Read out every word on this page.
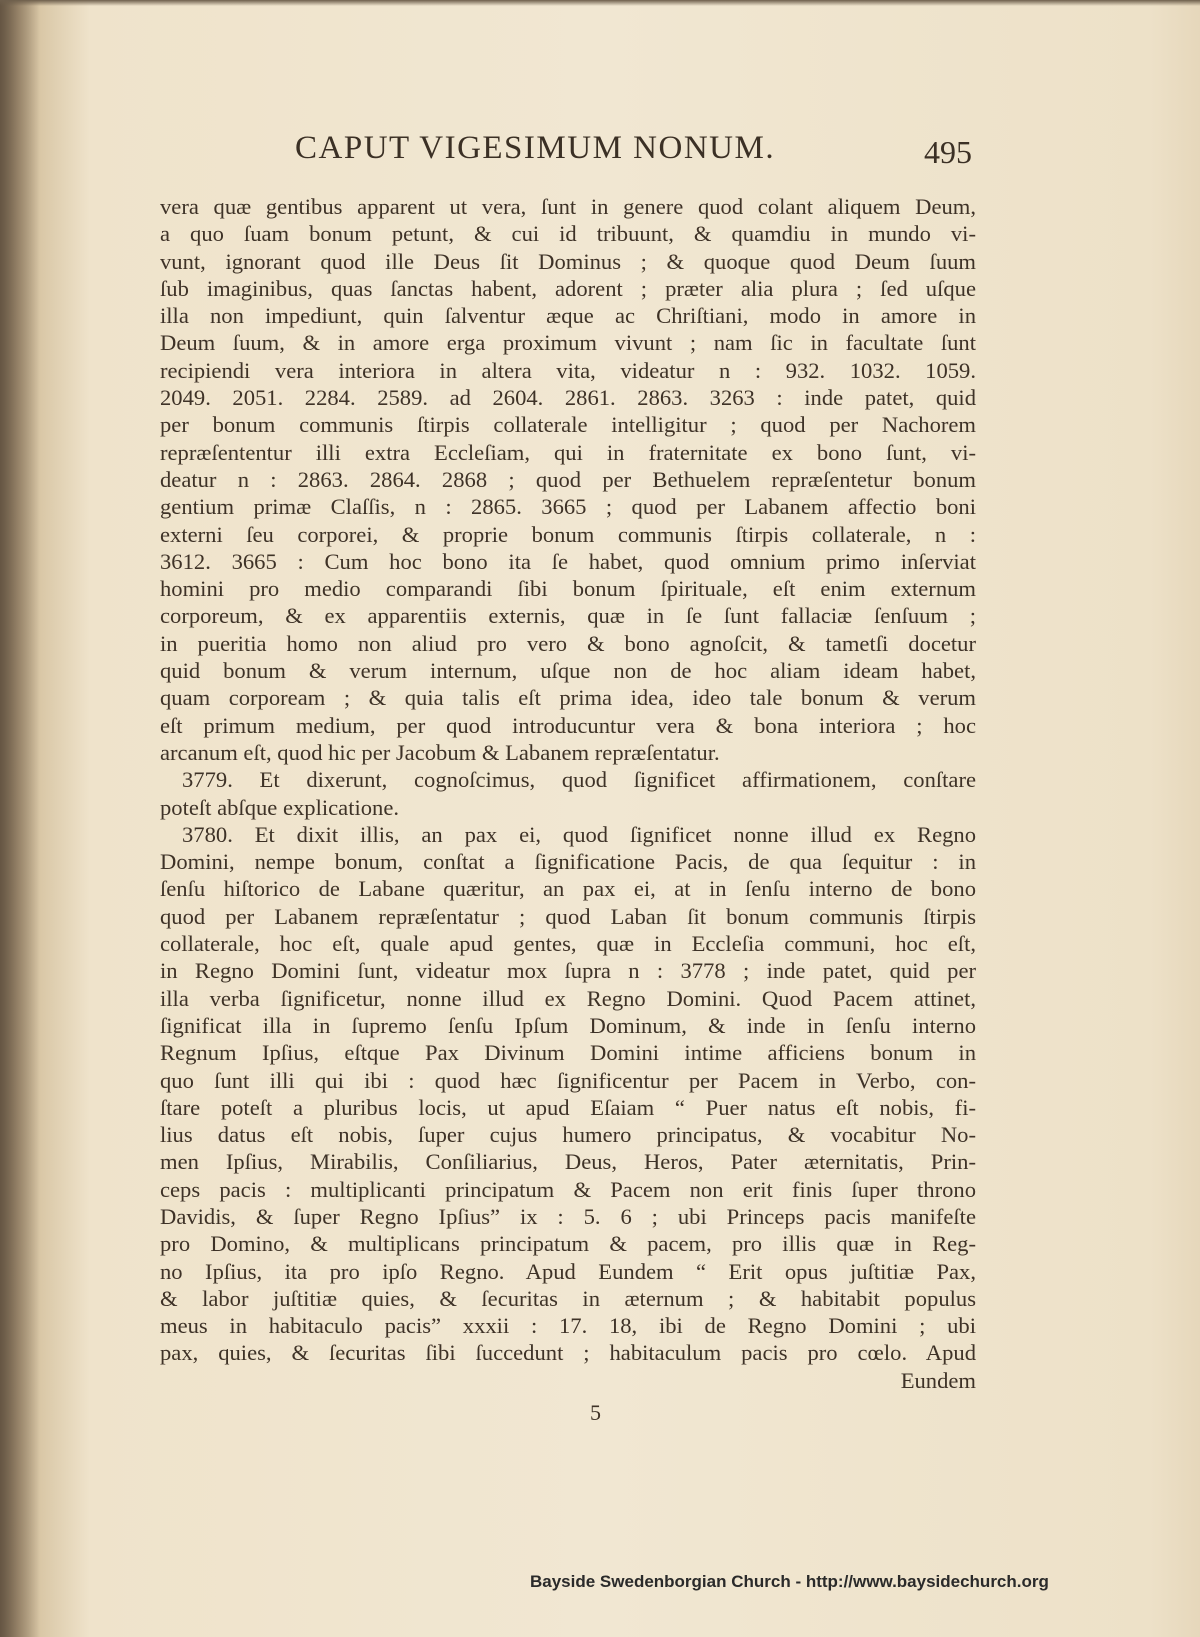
CAPUT VIGESIMUM NONUM.	495
vera quæ gentibus apparent ut vera, ſunt in genere quod colant aliquem Deum,
a quo ſuam bonum petunt, & cui id tribuunt, & quamdiu in mundo vi-
vunt, ignorant quod ille Deus ſit Dominus ; & quoque quod Deum ſuum
ſub imaginibus, quas ſanctas habent, adorent ; præter alia plura ; ſed uſque
illa non impediunt, quin ſalventur æque ac Chriſtiani, modo in amore in
Deum ſuum, & in amore erga proximum vivunt ; nam ſic in facultate ſunt
recipiendi vera interiora in altera vita, videatur n : 932. 1032. 1059.
2049. 2051. 2284. 2589. ad 2604. 2861. 2863. 3263 : inde patet, quid
per bonum communis ſtirpis collaterale intelligitur ; quod per Nachorem
repræſententur illi extra Eccleſiam, qui in fraternitate ex bono ſunt, vi-
deatur n : 2863. 2864. 2868 ; quod per Bethuelem repræſentetur bonum
gentium primæ Claſſis, n : 2865. 3665 ; quod per Labanem affectio boni
externi ſeu corporei, & proprie bonum communis ſtirpis collaterale, n :
3612. 3665 : Cum hoc bono ita ſe habet, quod omnium primo inſerviat
homini pro medio comparandi ſibi bonum ſpirituale, eſt enim externum
corporeum, & ex apparentiis externis, quæ in ſe ſunt fallaciæ ſenſuum ;
in pueritia homo non aliud pro vero & bono agnoſcit, & tametſi docetur
quid bonum & verum internum, uſque non de hoc aliam ideam habet,
quam corpoream ; & quia talis eſt prima idea, ideo tale bonum & verum
eſt primum medium, per quod introducuntur vera & bona interiora ; hoc
arcanum eſt, quod hic per Jacobum & Labanem repræſentatur.
3779. Et dixerunt, cognoſcimus, quod ſignificet affirmationem, conſtare
poteſt abſque explicatione.
3780. Et dixit illis, an pax ei, quod ſignificet nonne illud ex Regno
Domini, nempe bonum, conſtat a ſignificatione Pacis, de qua ſequitur : in
ſenſu hiſtorico de Labane quæritur, an pax ei, at in ſenſu interno de bono
quod per Labanem repræſentatur ; quod Laban ſit bonum communis ſtirpis
collaterale, hoc eſt, quale apud gentes, quæ in Eccleſia communi, hoc eſt,
in Regno Domini ſunt, videatur mox ſupra n : 3778 ; inde patet, quid per
illa verba ſignificetur, nonne illud ex Regno Domini. Quod Pacem attinet,
ſignificat illa in ſupremo ſenſu Ipſum Dominum, & inde in ſenſu interno
Regnum Ipſius, eſtque Pax Divinum Domini intime afficiens bonum in
quo ſunt illi qui ibi : quod hæc ſignificentur per Pacem in Verbo, con-
ſtare poteſt a pluribus locis, ut apud Eſaiam “ Puer natus eſt nobis, fi-
lius datus eſt nobis, ſuper cujus humero principatus, & vocabitur No-
men Ipſius, Mirabilis, Conſiliarius, Deus, Heros, Pater æternitatis, Prin-
ceps pacis : multiplicanti principatum & Pacem non erit finis ſuper throno
Davidis, & ſuper Regno Ipſius” ix : 5. 6 ; ubi Princeps pacis manifeſte
pro Domino, & multiplicans principatum & pacem, pro illis quæ in Reg-
no Ipſius, ita pro ipſo Regno. Apud Eundem “ Erit opus juſtitiæ Pax,
& labor juſtitiæ quies, & ſecuritas in æternum ; & habitabit populus
meus in habitaculo pacis” xxxii : 17. 18, ibi de Regno Domini ; ubi
pax, quies, & ſecuritas ſibi ſuccedunt ; habitaculum pacis pro cœlo. Apud
Eundem
5
Bayside Swedenborgian Church - http://www.baysidechurch.org
